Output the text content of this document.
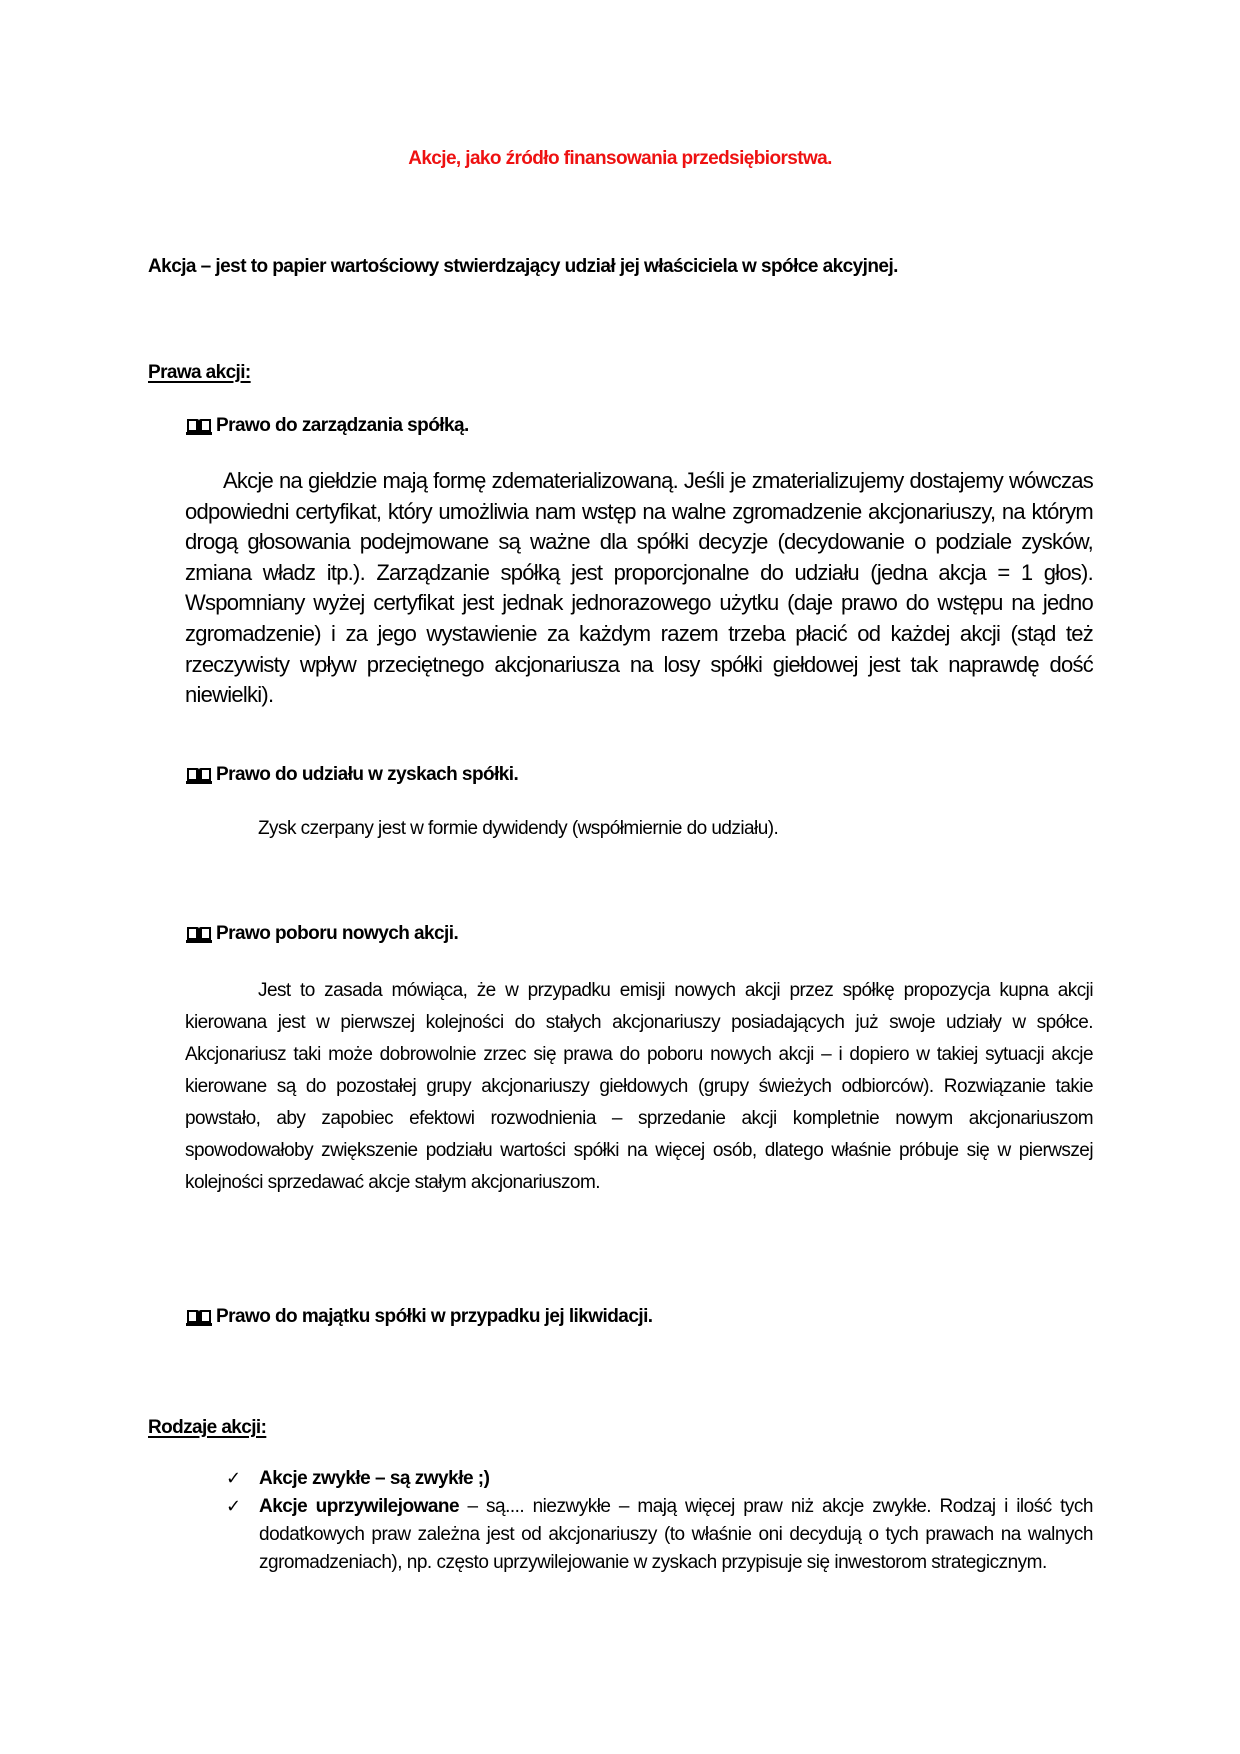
Akcje, jako źródło finansowania przedsiębiorstwa.
Akcja – jest to papier wartościowy stwierdzający udział jej właściciela w spółce akcyjnej.
Prawa akcji:
Prawo do zarządzania spółką.

Akcje na giełdzie mają formę zdematerializowaną. Jeśli je zmaterializujemy dostajemy wówczas odpowiedni certyfikat, który umożliwia nam wstęp na walne zgromadzenie akcjonariuszy, na którym drogą głosowania podejmowane są ważne dla spółki decyzje (decydowanie o podziale zysków, zmiana władz itp.). Zarządzanie spółką jest proporcjonalne do udziału (jedna akcja = 1 głos). Wspomniany wyżej certyfikat jest jednak jednorazowego użytku (daje prawo do wstępu na jedno zgromadzenie) i za jego wystawienie za każdym razem trzeba płacić od każdej akcji (stąd też rzeczywisty wpływ przeciętnego akcjonariusza na losy spółki giełdowej jest tak naprawdę dość niewielki).

Prawo do udziału w zyskach spółki.

Zysk czerpany jest w formie dywidendy (współmiernie do udziału).

Prawo poboru nowych akcji.

Jest to zasada mówiąca, że w przypadku emisji nowych akcji przez spółkę propozycja kupna akcji kierowana jest w pierwszej kolejności do stałych akcjonariuszy posiadających już swoje udziały w spółce. Akcjonariusz taki może dobrowolnie zrzec się prawa do poboru nowych akcji – i dopiero w takiej sytuacji akcje kierowane są do pozostałej grupy akcjonariuszy giełdowych (grupy świeżych odbiorców). Rozwiązanie takie powstało, aby zapobiec efektowi rozwodnienia – sprzedanie akcji kompletnie nowym akcjonariuszom spowodowałoby zwiększenie podziału wartości spółki na więcej osób, dlatego właśnie próbuje się w pierwszej kolejności sprzedawać akcje stałym akcjonariuszom.

Prawo do majątku spółki w przypadku jej likwidacji.
Rodzaje akcji:
✓ Akcje zwykłe – są zwykłe ;)
✓ Akcje uprzywilejowane – są.... niezwykłe – mają więcej praw niż akcje zwykłe. Rodzaj i ilość tych dodatkowych praw zależna jest od akcjonariuszy (to właśnie oni decydują o tych prawach na walnych zgromadzeniach), np. często uprzywilejowanie w zyskach przypisuje się inwestorom strategicznym.
